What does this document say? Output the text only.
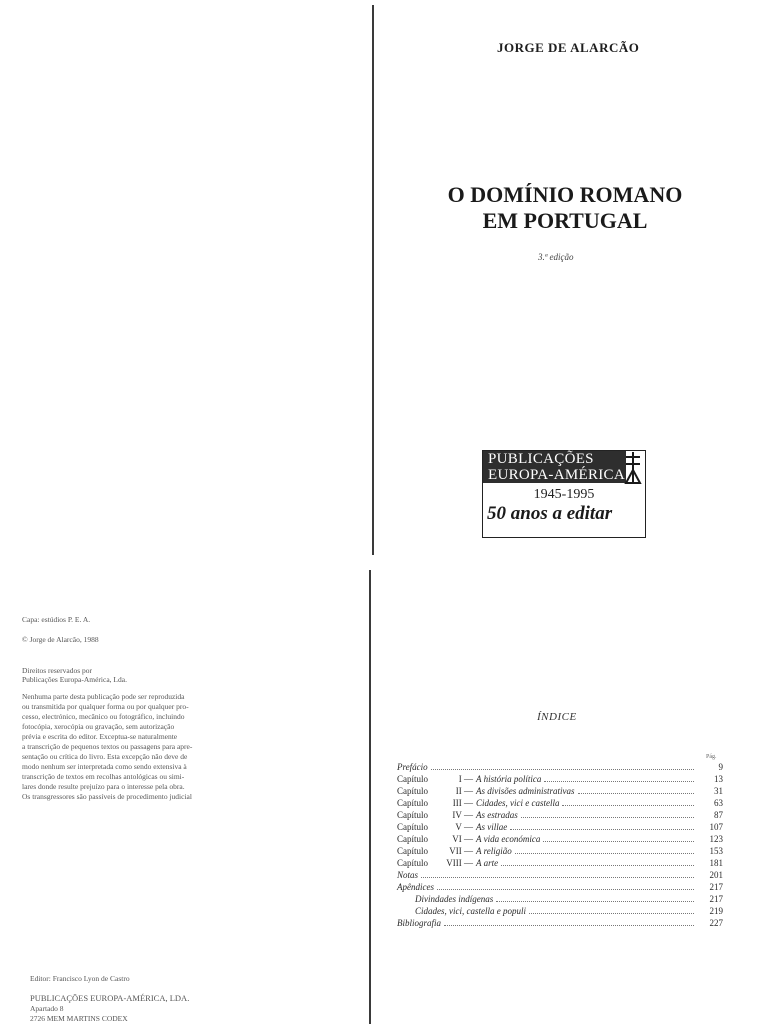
Capa: estúdios P. E. A.
© Jorge de Alarcão, 1988
Direitos reservados por
Publicações Europa-América, Lda.
Nenhuma parte desta publicação pode ser reproduzida
ou transmitida por qualquer forma ou por qualquer pro-
cesso, electrónico, mecânico ou fotográfico, incluindo
fotocópia, xerocópia ou gravação, sem autorização
prévia e escrita do editor. Exceptua-se naturalmente
a transcrição de pequenos textos ou passagens para apre-
sentação ou crítica do livro. Esta excepção não deve de
modo nenhum ser interpretada como sendo extensiva à
transcrição de textos em recolhas antológicas ou simi-
lares donde resulte prejuízo para o interesse pela obra.
Os transgressores são passíveis de procedimento judicial
Editor: Francisco Lyon de Castro
PUBLICAÇÕES EUROPA-AMÉRICA, LDA.
Apartado 8
2726 MEM MARTINS CODEX
JORGE DE ALARCÃO
O DOMÍNIO ROMANO
EM PORTUGAL
3.ª edição
PUBLICAÇÕES
EUROPA-AMÉRICA
1945-1995
50 anos a editar
ÍNDICE
Pág.
Prefácio	9
Capítulo	I — A história política	13
Capítulo	II — As divisões administrativas	31
Capítulo	III — Cidades, vici e castella	63
Capítulo	IV — As estradas	87
Capítulo	V — As villae	107
Capítulo	VI — A vida económica	123
Capítulo	VII — A religião	153
Capítulo	VIII — A arte	181
Notas	201
Apêndices	217
Divindades indígenas	217
Cidades, vici, castella e populi	219
Bibliografia	227
